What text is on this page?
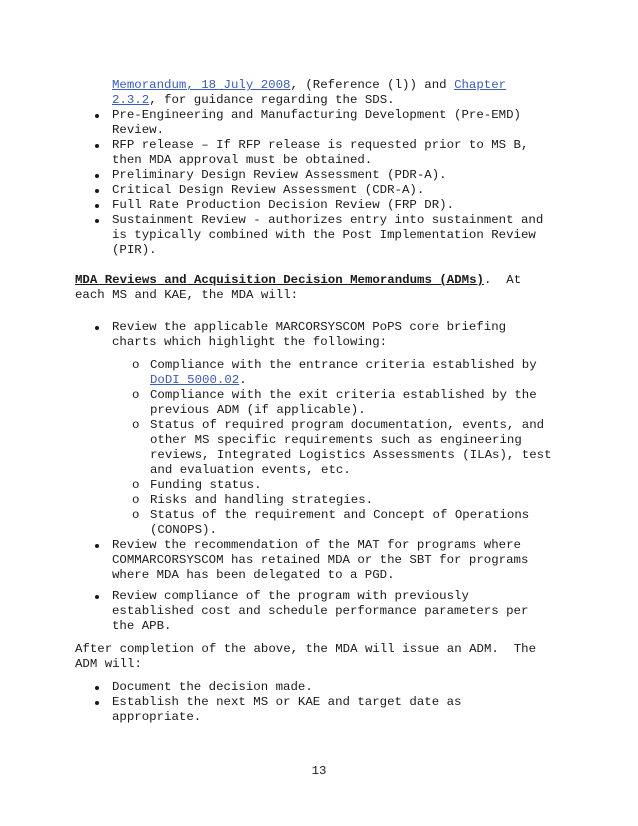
Memorandum, 18 July 2008, (Reference (l)) and Chapter
2.3.2, for guidance regarding the SDS.
Pre-Engineering and Manufacturing Development (Pre-EMD)
Review.
RFP release – If RFP release is requested prior to MS B,
then MDA approval must be obtained.
Preliminary Design Review Assessment (PDR-A).
Critical Design Review Assessment (CDR-A).
Full Rate Production Decision Review (FRP DR).
Sustainment Review - authorizes entry into sustainment and
is typically combined with the Post Implementation Review
(PIR).
MDA Reviews and Acquisition Decision Memorandums (ADMs).  At
each MS and KAE, the MDA will:
Review the applicable MARCORSYSCOM PoPS core briefing
charts which highlight the following:
o Compliance with the entrance criteria established by
DoDI 5000.02.
o Compliance with the exit criteria established by the
previous ADM (if applicable).
o Status of required program documentation, events, and
other MS specific requirements such as engineering
reviews, Integrated Logistics Assessments (ILAs), test
and evaluation events, etc.
o Funding status.
o Risks and handling strategies.
o Status of the requirement and Concept of Operations
(CONOPS).
Review the recommendation of the MAT for programs where
COMMARCORSYSCOM has retained MDA or the SBT for programs
where MDA has been delegated to a PGD.
Review compliance of the program with previously
established cost and schedule performance parameters per
the APB.
After completion of the above, the MDA will issue an ADM.  The
ADM will:
Document the decision made.
Establish the next MS or KAE and target date as
appropriate.
13
